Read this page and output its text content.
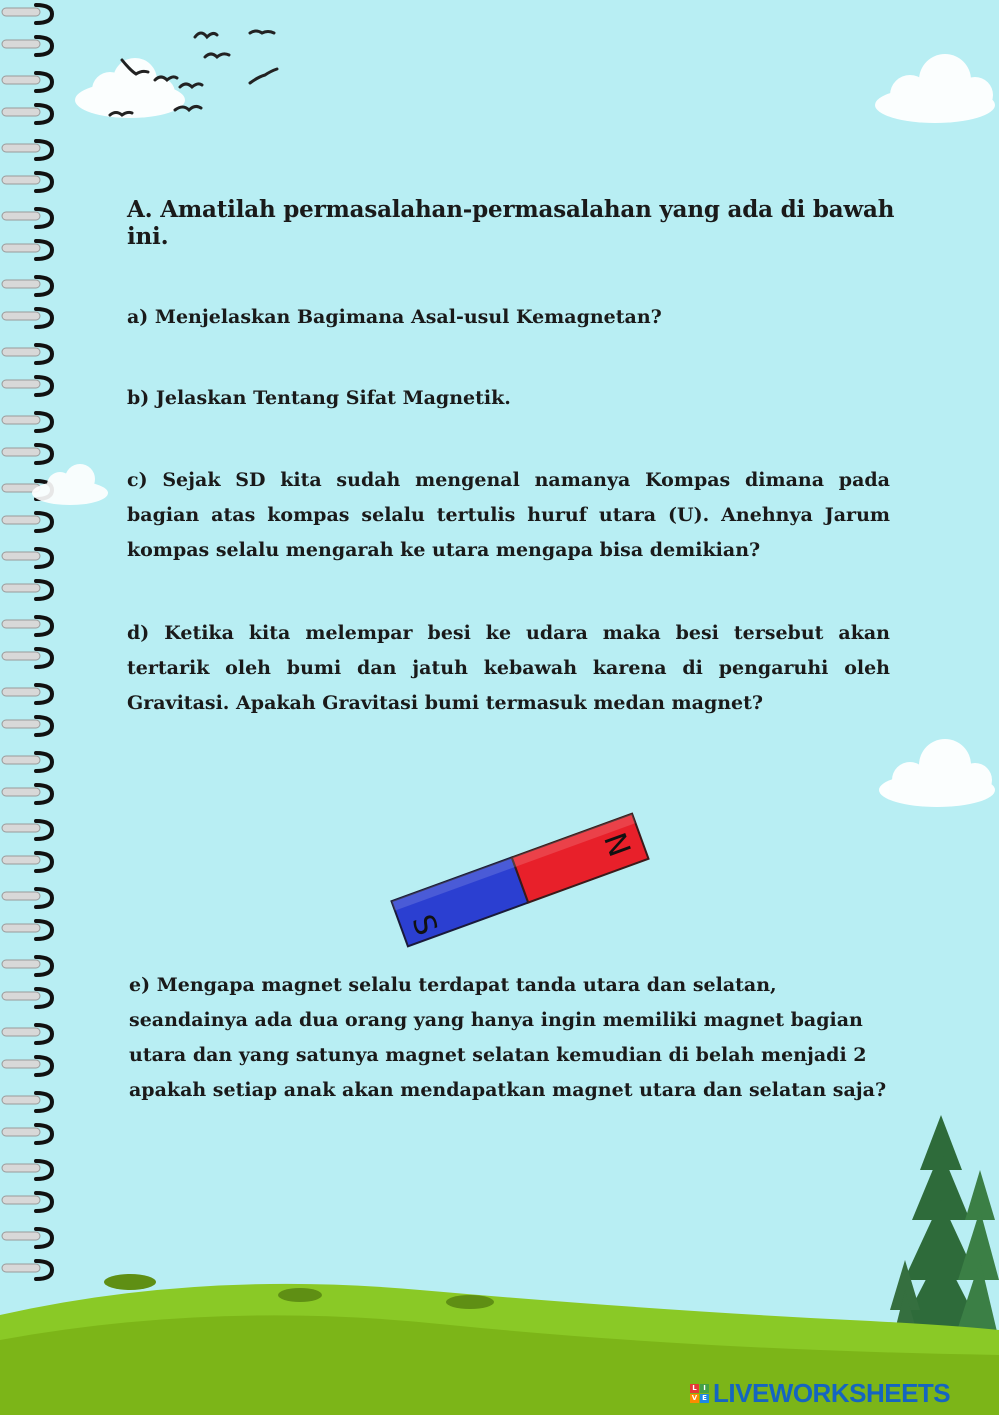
A. Amatilah permasalahan-permasalahan yang ada di bawah ini.
a) Menjelaskan Bagimana Asal-usul Kemagnetan?
b) Jelaskan Tentang Sifat Magnetik.
c) Sejak SD kita sudah mengenal namanya Kompas dimana pada bagian atas kompas selalu tertulis huruf utara (U). Anehnya Jarum kompas selalu mengarah ke utara mengapa bisa demikian?
d) Ketika kita melempar besi ke udara maka besi tersebut akan tertarik oleh bumi dan jatuh kebawah karena di pengaruhi oleh Gravitasi. Apakah Gravitasi bumi termasuk medan magnet?
S
N
e) Mengapa magnet selalu terdapat tanda utara dan selatan, seandainya ada dua orang yang hanya ingin memiliki magnet bagian utara dan yang satunya magnet selatan kemudian di belah menjadi 2 apakah setiap anak akan mendapatkan magnet utara dan selatan saja?
L I
V E LIVEWORKSHEETS
